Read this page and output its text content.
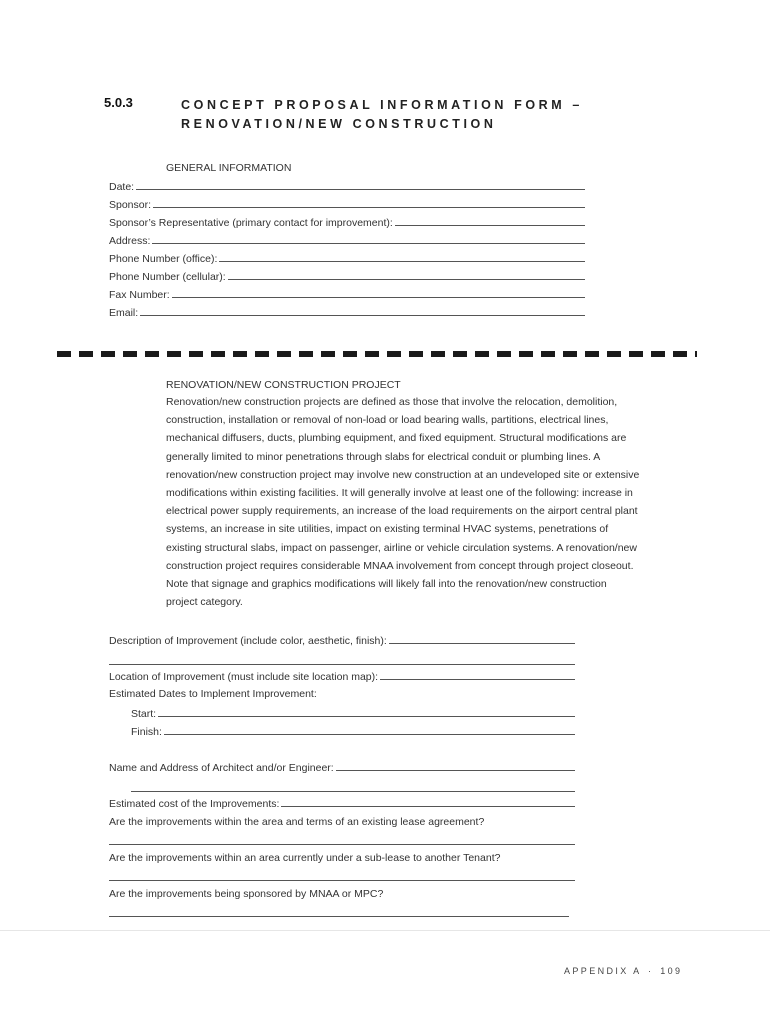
5.0.3	CONCEPT PROPOSAL INFORMATION FORM –
RENOVATION/NEW CONSTRUCTION
GENERAL INFORMATION
Date:
Sponsor:
Sponsor’s Representative (primary contact for improvement):
Address:
Phone Number (office):
Phone Number (cellular):
Fax Number:
Email:
RENOVATION/NEW CONSTRUCTION PROJECT
Renovation/new construction projects are defined as those that involve the relocation, demolition,
construction, installation or removal of non-load or load bearing walls, partitions, electrical lines,
mechanical diffusers, ducts, plumbing equipment, and fixed equipment. Structural modifications are
generally limited to minor penetrations through slabs for electrical conduit or plumbing lines. A
renovation/new construction project may involve new construction at an undeveloped site or extensive
modifications within existing facilities. It will generally involve at least one of the following: increase in
electrical power supply requirements, an increase of the load requirements on the airport central plant
systems, an increase in site utilities, impact on existing terminal HVAC systems, penetrations of
existing structural slabs, impact on passenger, airline or vehicle circulation systems. A renovation/new
construction project requires considerable MNAA involvement from concept through project closeout.
Note that signage and graphics modifications will likely fall into the renovation/new construction
project category.
Description of Improvement (include color, aesthetic, finish):
Location of Improvement (must include site location map):
Estimated Dates to Implement Improvement:
Start:
Finish:
Name and Address of Architect and/or Engineer:
Estimated cost of the Improvements:
Are the improvements within the area and terms of an existing lease agreement?
Are the improvements within an area currently under a sub-lease to another Tenant?
Are the improvements being sponsored by MNAA or MPC?
APPENDIX A · 109
